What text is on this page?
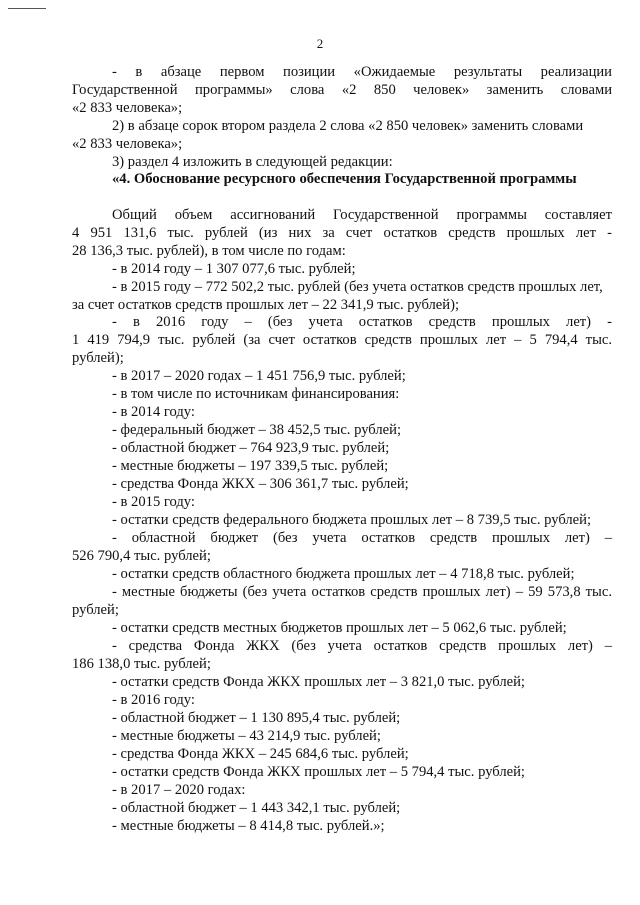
2
- в абзаце первом позиции «Ожидаемые результаты реализации
Государственной программы» слова «2 850 человек» заменить словами
«2 833 человека»;
2) в абзаце сорок втором раздела 2 слова «2 850 человек» заменить словами
«2 833 человека»;
3) раздел 4 изложить в следующей редакции:
«4. Обоснование ресурсного обеспечения Государственной программы
Общий объем ассигнований Государственной программы составляет
4 951 131,6 тыс. рублей (из них за счет остатков средств прошлых лет -
28 136,3 тыс. рублей), в том числе по годам:
- в 2014 году – 1 307 077,6 тыс. рублей;
- в 2015 году – 772 502,2 тыс. рублей (без учета остатков средств прошлых лет,
за счет остатков средств прошлых лет – 22 341,9 тыс. рублей);
- в 2016 году – (без учета остатков средств прошлых лет) -
1 419 794,9 тыс. рублей (за счет остатков средств прошлых лет – 5 794,4 тыс.
рублей);
- в 2017 – 2020 годах – 1 451 756,9 тыс. рублей;
- в том числе по источникам финансирования:
- в 2014 году:
- федеральный бюджет – 38 452,5 тыс. рублей;
- областной бюджет – 764 923,9 тыс. рублей;
- местные бюджеты – 197 339,5 тыс. рублей;
- средства Фонда ЖКХ – 306 361,7 тыс. рублей;
- в 2015 году:
- остатки средств федерального бюджета прошлых лет – 8 739,5 тыс. рублей;
- областной бюджет (без учета остатков средств прошлых лет) –
526 790,4 тыс. рублей;
- остатки средств областного бюджета прошлых лет – 4 718,8 тыс. рублей;
- местные бюджеты (без учета остатков средств прошлых лет) – 59 573,8 тыс.
рублей;
- остатки средств местных бюджетов прошлых лет – 5 062,6 тыс. рублей;
- средства Фонда ЖКХ (без учета остатков средств прошлых лет) –
186 138,0 тыс. рублей;
- остатки средств Фонда ЖКХ прошлых лет – 3 821,0 тыс. рублей;
- в 2016 году:
- областной бюджет – 1 130 895,4 тыс. рублей;
- местные бюджеты – 43 214,9 тыс. рублей;
- средства Фонда ЖКХ – 245 684,6 тыс. рублей;
- остатки средств Фонда ЖКХ прошлых лет – 5 794,4 тыс. рублей;
- в 2017 – 2020 годах:
- областной бюджет – 1 443 342,1 тыс. рублей;
- местные бюджеты – 8 414,8 тыс. рублей.»;
